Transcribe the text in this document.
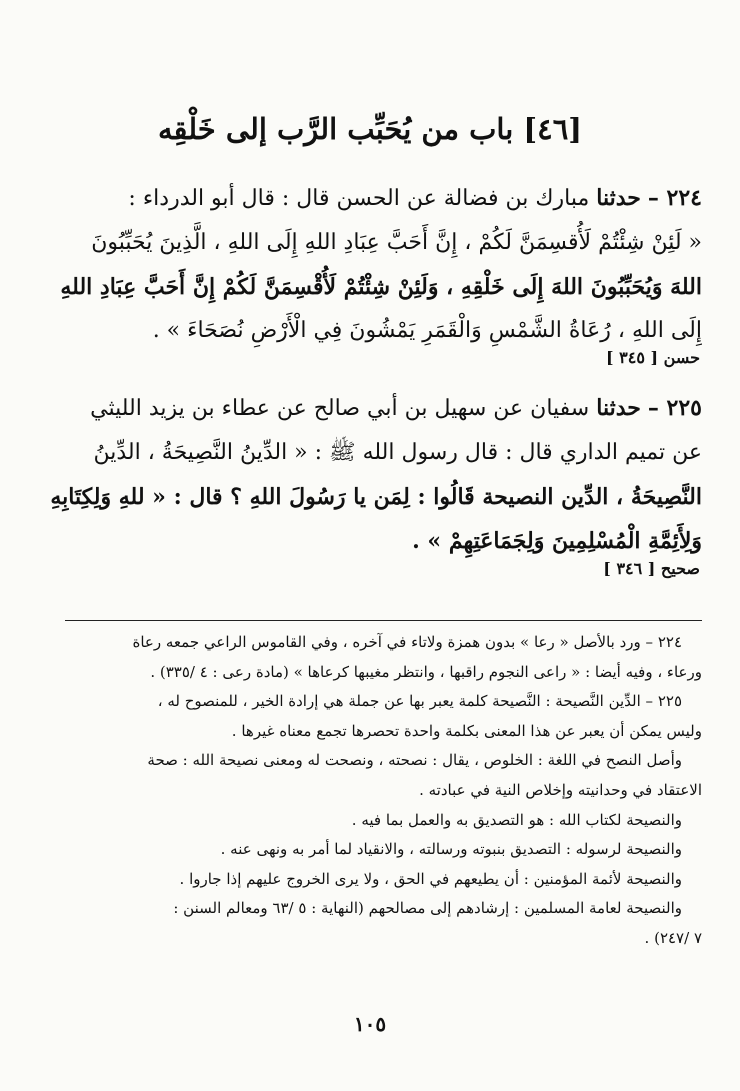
[٤٦] باب من يُحَبِّب الرَّب إلى خَلْقِه
٢٢٤ – حدثنا مبارك بن فضالة عن الحسن قال : قال أبو الدرداء :
« لَئِنْ شِئْتُمْ لَأُقسِمَنَّ لَكُمْ ، إِنَّ أَحَبَّ عِبَادِ اللهِ إِلَى اللهِ ، الَّذِينَ يُحَبِّبُونَ
اللهَ وَيُحَبِّبُونَ اللهَ إِلَى خَلْقِهِ ، وَلَئِنْ شِئْتُمْ لَأُقْسِمَنَّ لَكُمْ إِنَّ أَحَبَّ عِبَادِ اللهِ
إِلَى اللهِ ، رُعَاةُ الشَّمْسِ وَالْقَمَرِ يَمْشُونَ فِي الْأَرْضِ نُصَحَاءَ » .
حسن [ ٣٤٥ ]
٢٢٥ – حدثنا سفيان عن سهيل بن أبي صالح عن عطاء بن يزيد الليثي
عن تميم الداري قال : قال رسول الله ﷺ : « الدِّينُ النَّصِيحَةُ ، الدِّينُ
النَّصِيحَةُ ، الدِّين النصيحة قَالُوا : لِمَن يا رَسُولَ اللهِ ؟ قال : « للهِ وَلِكِتَابِهِ
وَلِأَئِمَّةِ الْمُسْلِمِينَ وَلِجَمَاعَتِهِمْ » .
صحيح [ ٣٤٦ ]
٢٢٤ – ورد بالأصل « رعا » بدون همزة ولاتاء في آخره ، وفي القاموس الراعي جمعه رعاة
ورعاء ، وفيه أيضا : « راعى النجوم راقبها ، وانتظر مغيبها كرعاها » (مادة رعى : ٤ /٣٣٥) .
٢٢٥ – الدِّين النَّصيحة : النَّصيحة كلمة يعبر بها عن جملة هي إرادة الخير ، للمنصوح له ،
وليس يمكن أن يعبر عن هذا المعنى بكلمة واحدة تحصرها تجمع معناه غيرها .
وأصل النصح في اللغة : الخلوص ، يقال : نصحته ، ونصحت له ومعنى نصيحة الله : صحة
الاعتقاد في وحدانيته وإخلاص النية في عبادته .
والنصيحة لكتاب الله : هو التصديق به والعمل بما فيه .
والنصيحة لرسوله : التصديق بنبوته ورسالته ، والانقياد لما أمر به ونهى عنه .
والنصيحة لأئمة المؤمنين : أن يطيعهم في الحق ، ولا يرى الخروج عليهم إذا جاروا .
والنصيحة لعامة المسلمين : إرشادهم إلى مصالحهم (النهاية : ٥ /٦٣ ومعالم السنن :
٧ /٢٤٧) .
١٠٥
